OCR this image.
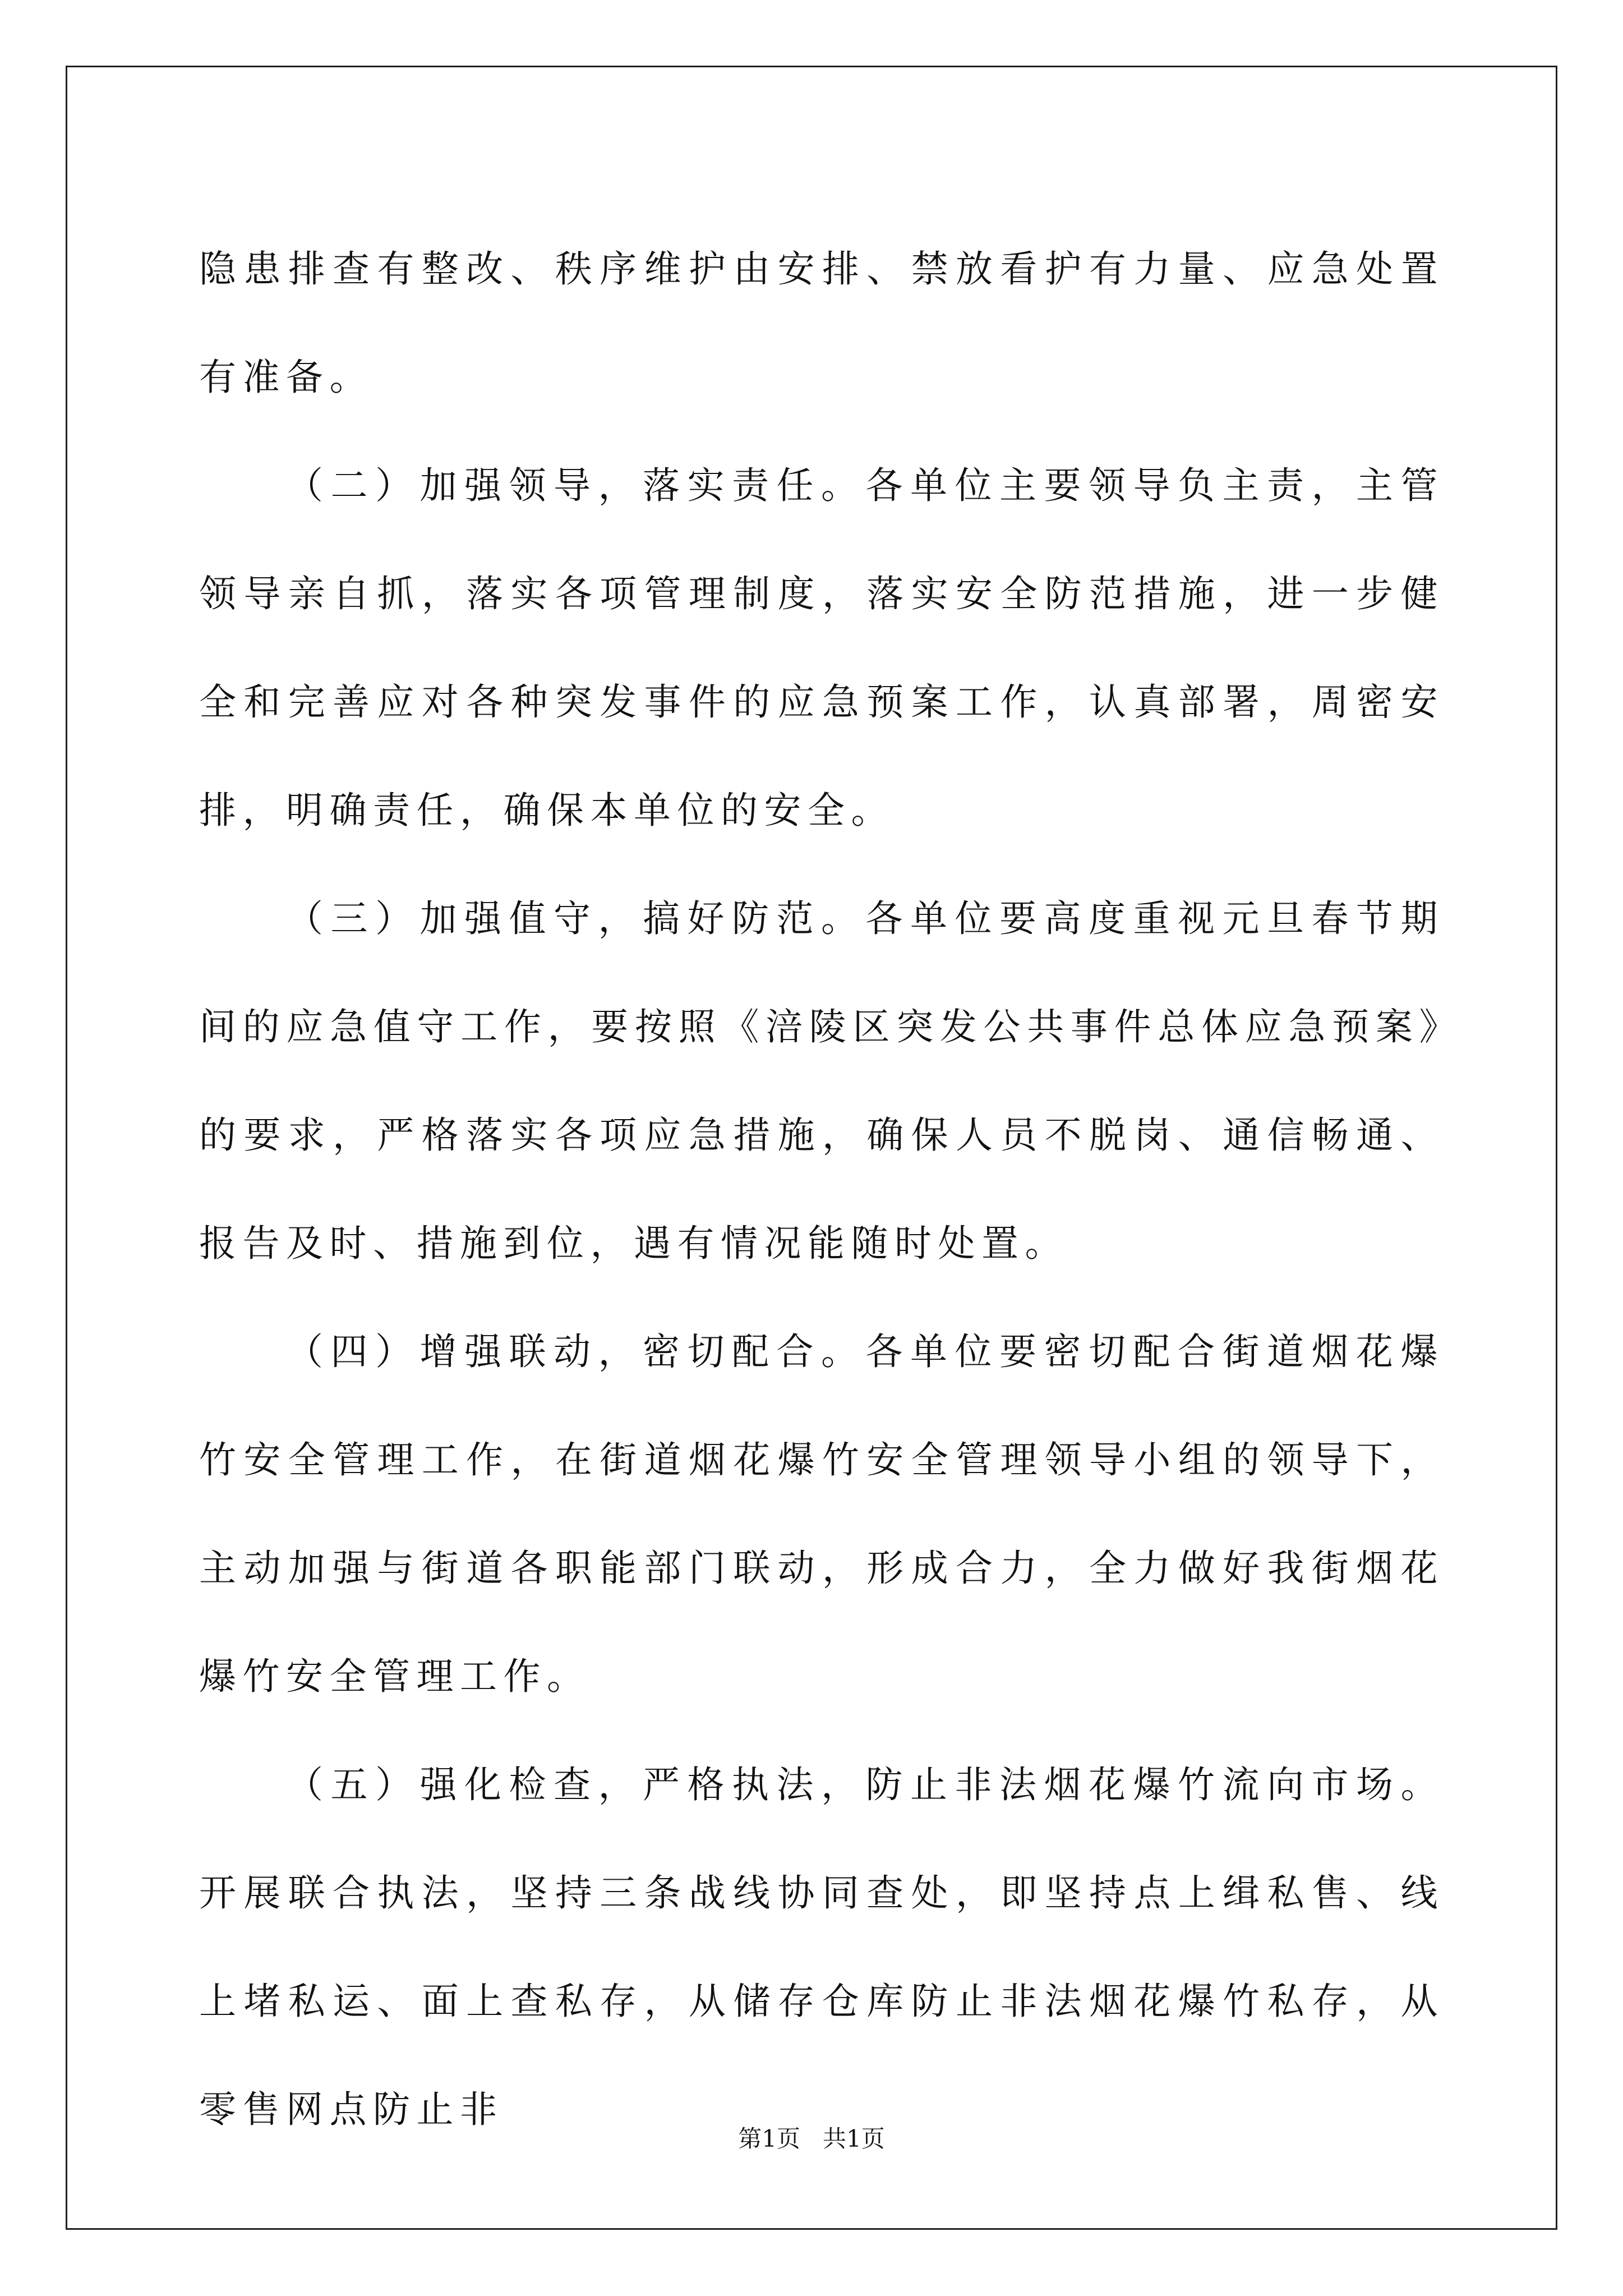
隐患排查有整改、秩序维护由安排、禁放看护有力量、应急处置有准备。

（二）加强领导，落实责任。各单位主要领导负主责，主管领导亲自抓，落实各项管理制度，落实安全防范措施，进一步健全和完善应对各种突发事件的应急预案工作，认真部署，周密安排，明确责任，确保本单位的安全。

（三）加强值守，搞好防范。各单位要高度重视元旦春节期间的应急值守工作，要按照《涪陵区突发公共事件总体应急预案》的要求，严格落实各项应急措施，确保人员不脱岗、通信畅通、报告及时、措施到位，遇有情况能随时处置。

（四）增强联动，密切配合。各单位要密切配合街道烟花爆竹安全管理工作，在街道烟花爆竹安全管理领导小组的领导下，主动加强与街道各职能部门联动，形成合力，全力做好我街烟花爆竹安全管理工作。

（五）强化检查，严格执法，防止非法烟花爆竹流向市场。开展联合执法，坚持三条战线协同查处，即坚持点上缉私售、线上堵私运、面上查私存，从储存仓库防止非法烟花爆竹私存，从零售网点防止非

第1页 共1页
